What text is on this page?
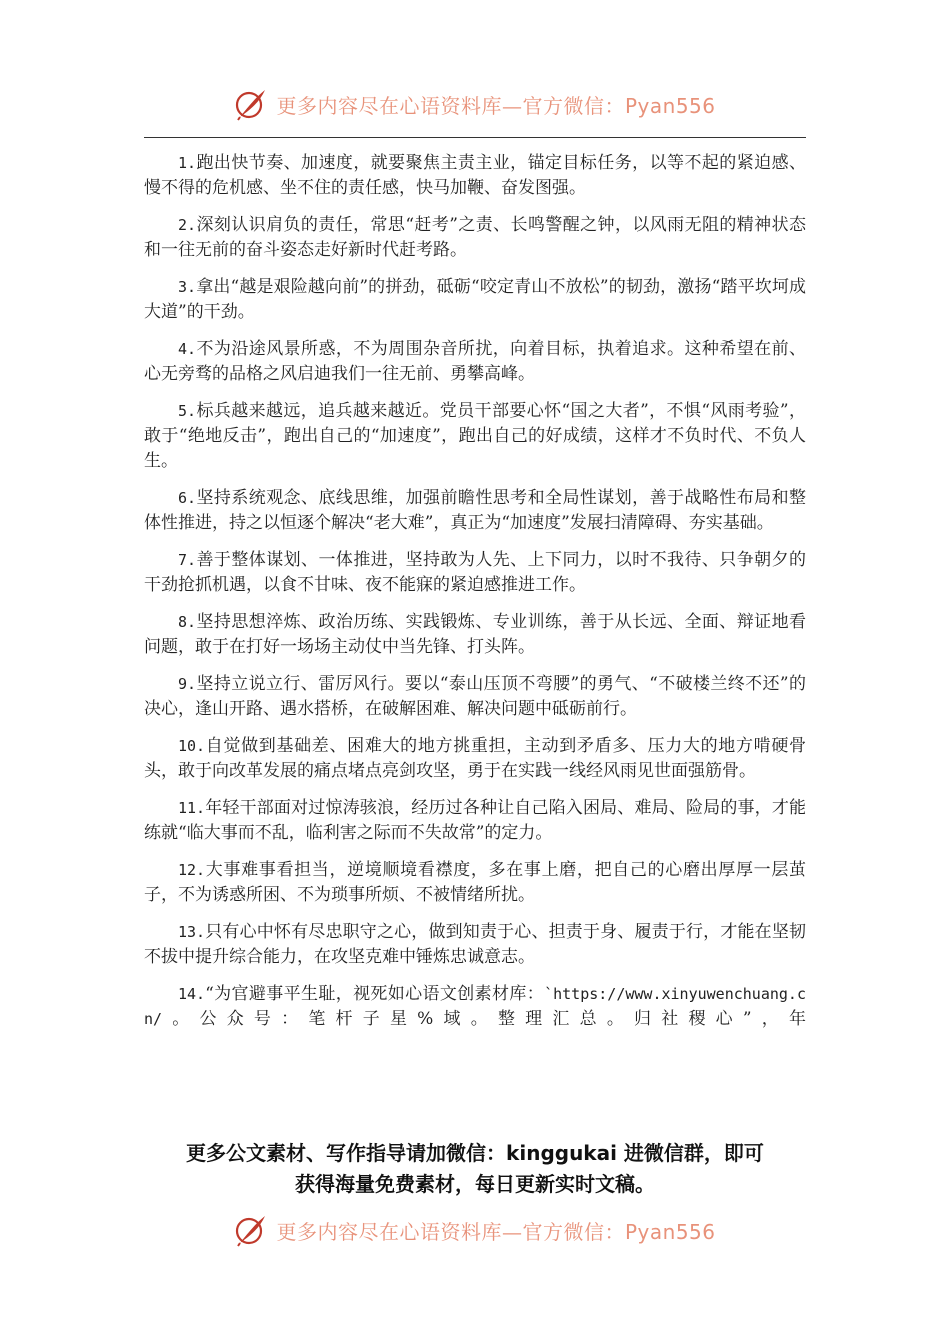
更多内容尽在心语资料库—官方微信：Pyan556

1.跑出快节奏、加速度，就要聚焦主责主业，锚定目标任务，以等不起的紧迫感、慢不得的危机感、坐不住的责任感，快马加鞭、奋发图强。

2.深刻认识肩负的责任，常思“赶考”之责、长鸣警醒之钟，以风雨无阻的精神状态和一往无前的奋斗姿态走好新时代赶考路。

3.拿出“越是艰险越向前”的拼劲，砥砺“咬定青山不放松”的韧劲，激扬“踏平坎坷成大道”的干劲。

4.不为沿途风景所惑，不为周围杂音所扰，向着目标，执着追求。这种希望在前、心无旁骛的品格之风启迪我们一往无前、勇攀高峰。

5.标兵越来越远，追兵越来越近。党员干部要心怀“国之大者”，不惧“风雨考验”，敢于“绝地反击”，跑出自己的“加速度”，跑出自己的好成绩，这样才不负时代、不负人生。

6.坚持系统观念、底线思维，加强前瞻性思考和全局性谋划，善于战略性布局和整体性推进，持之以恒逐个解决“老大难”，真正为“加速度”发展扫清障碍、夯实基础。

7.善于整体谋划、一体推进，坚持敢为人先、上下同力，以时不我待、只争朝夕的干劲抢抓机遇，以食不甘味、夜不能寐的紧迫感推进工作。

8.坚持思想淬炼、政治历练、实践锻炼、专业训练，善于从长远、全面、辩证地看问题，敢于在打好一场场主动仗中当先锋、打头阵。

9.坚持立说立行、雷厉风行。要以“泰山压顶不弯腰”的勇气、“不破楼兰终不还”的决心，逢山开路、遇水搭桥，在破解困难、解决问题中砥砺前行。

10.自觉做到基础差、困难大的地方挑重担，主动到矛盾多、压力大的地方啃硬骨头，敢于向改革发展的痛点堵点亮剑攻坚，勇于在实践一线经风雨见世面强筋骨。

11.年轻干部面对过惊涛骇浪，经历过各种让自己陷入困局、难局、险局的事，才能练就“临大事而不乱，临利害之际而不失故常”的定力。

12.大事难事看担当，逆境顺境看襟度，多在事上磨，把自己的心磨出厚厚一层茧子，不为诱惑所困、不为琐事所烦、不被情绪所扰。

13.只有心中怀有尽忠职守之心，做到知责于心、担责于身、履责于行，才能在坚韧不拔中提升综合能力，在攻坚克难中锤炼忠诚意志。

14.“为官避事平生耻，视死如心语文创素材库：`https://www.xinyuwenchuang.cn/。公众号：笔杆子星%域。整理汇总。归社稷心”，年

更多公文素材、写作指导请加微信：kinggukai 进微信群，即可
获得海量免费素材，每日更新实时文稿。
更多内容尽在心语资料库—官方微信：Pyan556
